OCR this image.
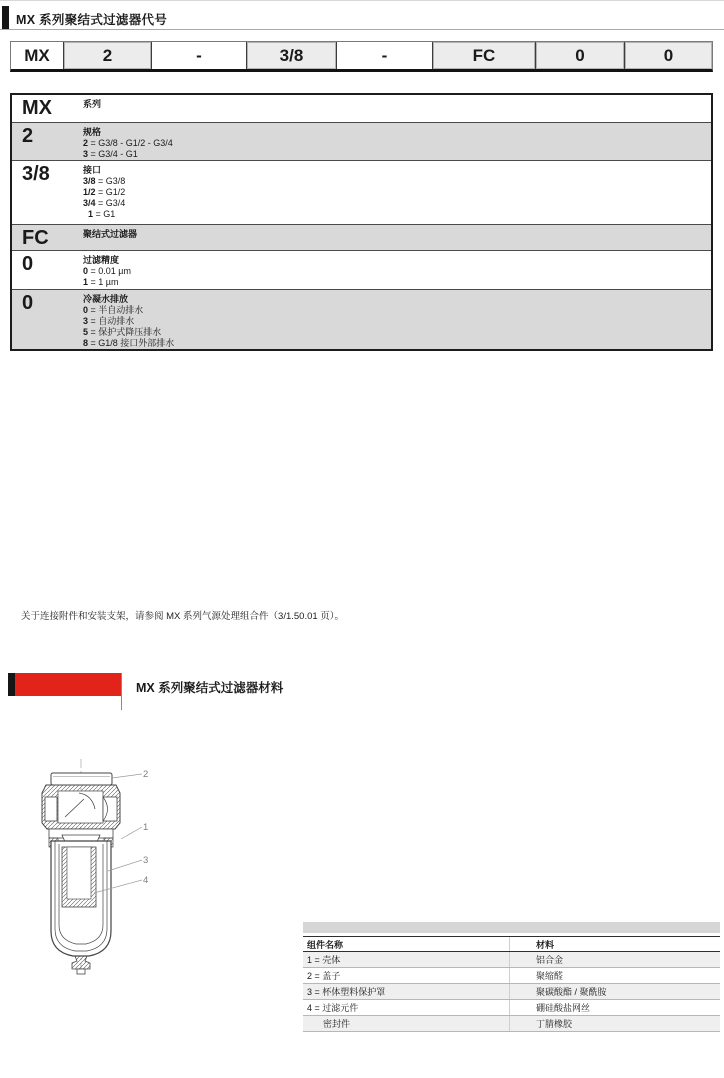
MX 系列聚结式过滤器代号
MX	2	-	3/8	-	FC	0	0
MX	系列
2	规格
2 = G3/8 - G1/2 - G3/4
3 = G3/4 - G1
3/8	接口
3/8 = G3/8
1/2 = G1/2
3/4 = G3/4
1 = G1
FC	聚结式过滤器
0	过滤精度
0 = 0.01 µm
1 = 1 µm
0	冷凝水排放
0 = 半自动排水
3 = 自动排水
5 = 保护式降压排水
8 = G1/8 接口外部排水
关于连接附件和安装支架，请参阅 MX 系列气源处理组合件（3/1.50.01 页）。
MX 系列聚结式过滤器材料
2
1
3
4
组件名称	材料
1 = 壳体	铝合金
2 = 盖子	聚缩醛
3 = 杯体塑料保护罩	聚碳酸酯 / 聚酰胺
4 = 过滤元件	硼硅酸盐网丝
密封件	丁腈橡胶
